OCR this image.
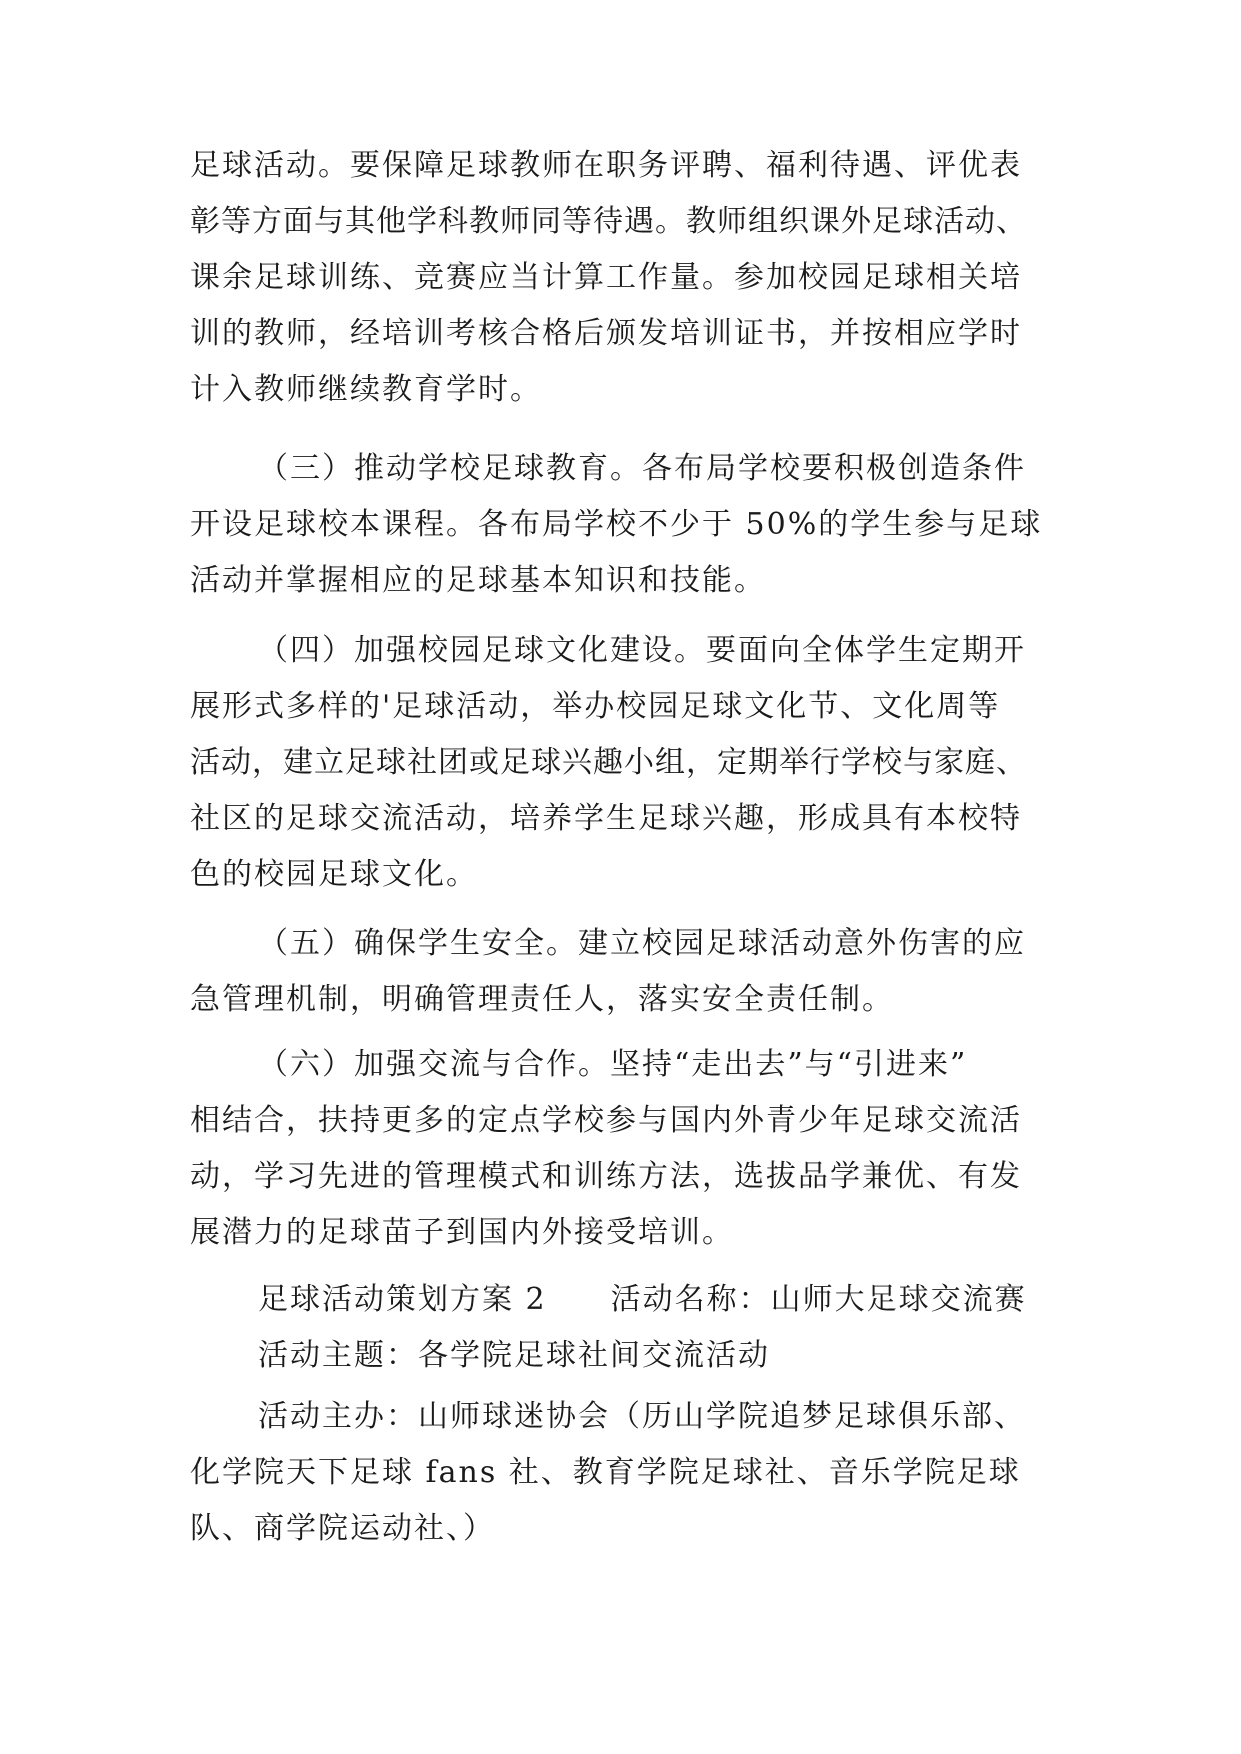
足球活动。要保障足球教师在职务评聘、福利待遇、评优表

彰等方面与其他学科教师同等待遇。教师组织课外足球活动、

课余足球训练、竞赛应当计算工作量。参加校园足球相关培

训的教师，经培训考核合格后颁发培训证书，并按相应学时

计入教师继续教育学时。

（三）推动学校足球教育。各布局学校要积极创造条件

开设足球校本课程。各布局学校不少于 50%的学生参与足球

活动并掌握相应的足球基本知识和技能。

（四）加强校园足球文化建设。要面向全体学生定期开

展形式多样的'足球活动，举办校园足球文化节、文化周等

活动，建立足球社团或足球兴趣小组，定期举行学校与家庭、

社区的足球交流活动，培养学生足球兴趣，形成具有本校特

色的校园足球文化。

（五）确保学生安全。建立校园足球活动意外伤害的应

急管理机制，明确管理责任人，落实安全责任制。

（六）加强交流与合作。坚持“走出去”与“引进来”

相结合，扶持更多的定点学校参与国内外青少年足球交流活

动，学习先进的管理模式和训练方法，选拔品学兼优、有发

展潜力的足球苗子到国内外接受培训。

足球活动策划方案 2　　活动名称：山师大足球交流赛

活动主题：各学院足球社间交流活动

活动主办：山师球迷协会（历山学院追梦足球俱乐部、

化学院天下足球 fans 社、教育学院足球社、音乐学院足球

队、商学院运动社、）
